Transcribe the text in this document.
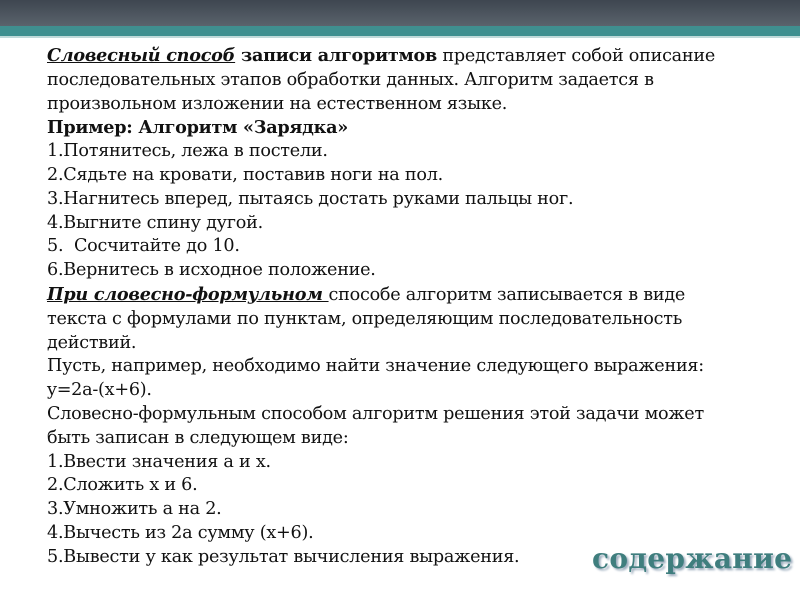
Словесный способ записи алгоритмов представляет собой описание

последовательных этапов обработки данных. Алгоритм задается в

произвольном изложении на естественном языке.

Пример: Алгоритм «Зарядка»

1.Потянитесь, лежа в постели.

2.Сядьте на кровати, поставив ноги на пол.

3.Нагнитесь вперед, пытаясь достать руками пальцы ног.

4.Выгните спину дугой.

5.  Сосчитайте до 10.

6.Вернитесь в исходное положение.

При словесно-формульном способе алгоритм записывается в виде

текста с формулами по пунктам, определяющим последовательность

действий.

Пусть, например, необходимо найти значение следующего выражения:

y=2a-(x+6).

Словесно-формульным способом алгоритм решения этой задачи может

быть записан в следующем виде:

1.Ввести значения а и х.

2.Сложить х и 6.

3.Умножить а на 2.

4.Вычесть из 2а сумму (х+6).

5.Вывести у как результат вычисления выражения.	содержание
